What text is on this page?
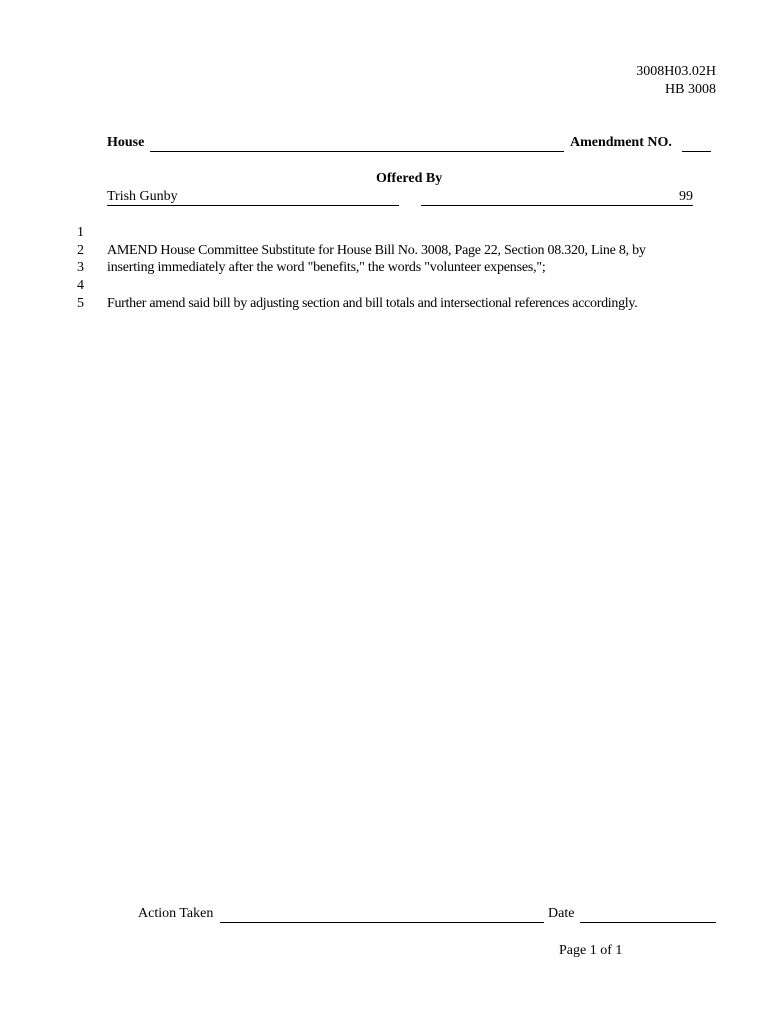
3008H03.02H
HB 3008
House	Amendment NO.
Offered By
Trish Gunby	99
1
2
3
4
5
AMEND House Committee Substitute for House Bill No. 3008, Page 22, Section 08.320, Line 8, by
inserting immediately after the word "benefits," the words "volunteer expenses,";
Further amend said bill by adjusting section and bill totals and intersectional references accordingly.
Action Taken	Date
Page 1 of 1
